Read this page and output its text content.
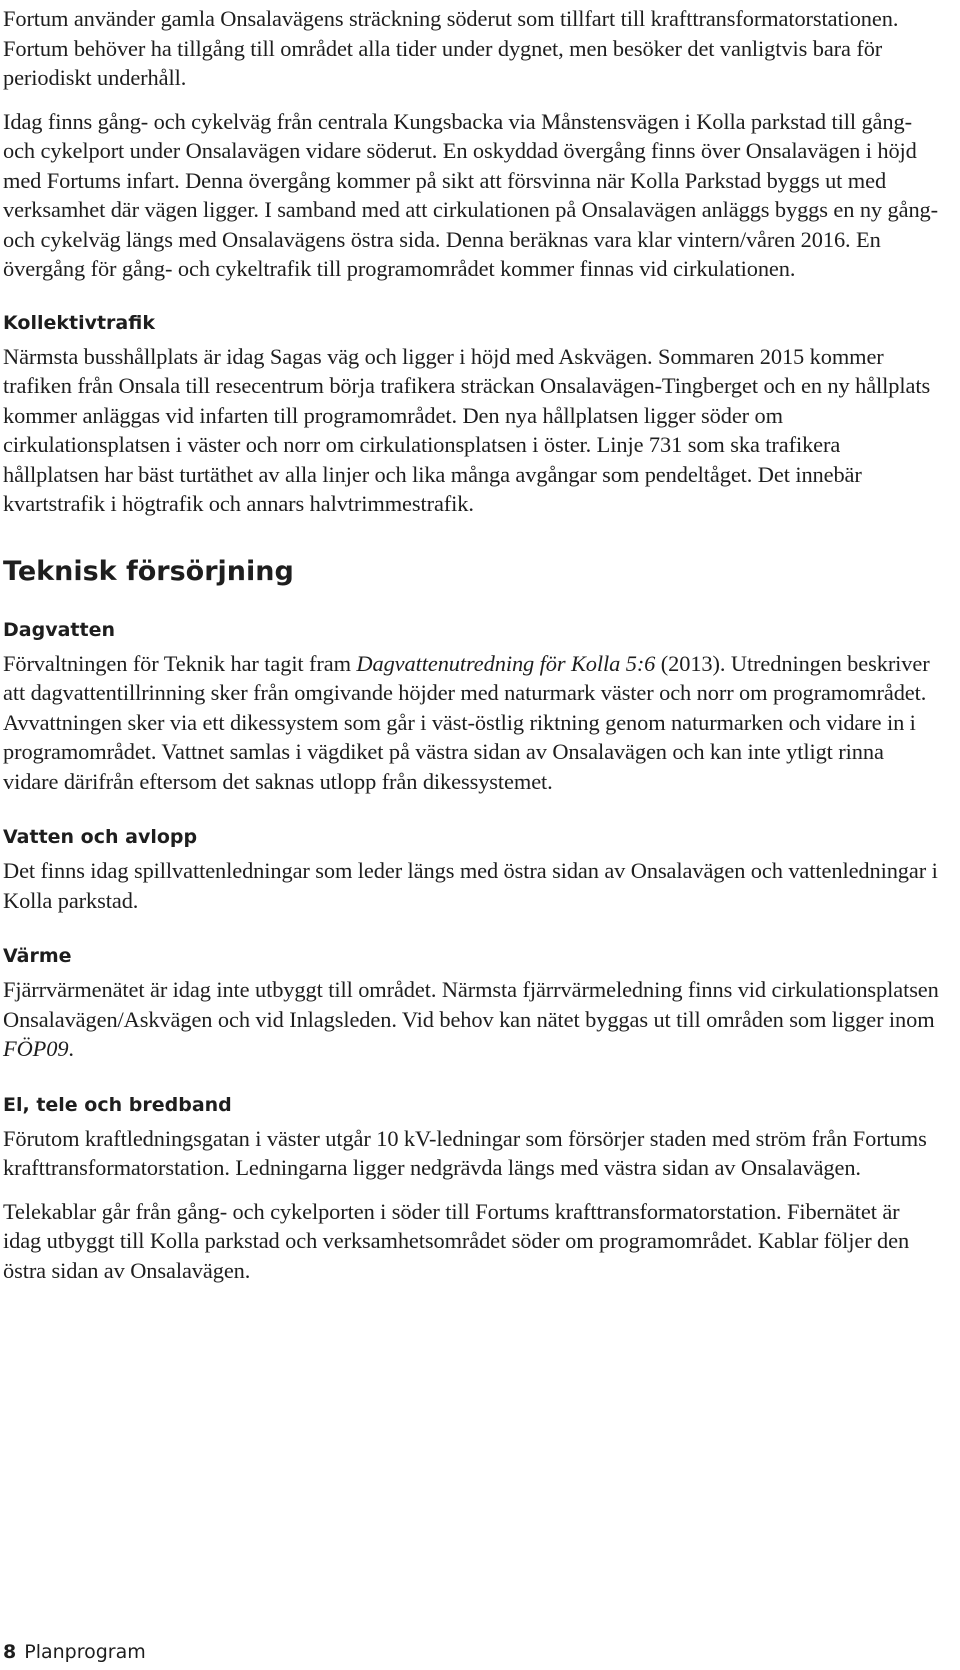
Fortum använder gamla Onsalavägens sträckning söderut som tillfart till krafttransformatorstationen. Fortum behöver ha tillgång till området alla tider under dygnet, men besöker det vanligtvis bara för periodiskt underhåll.

Idag finns gång- och cykelväg från centrala Kungsbacka via Månstensvägen i Kolla parkstad till gång- och cykelport under Onsalavägen vidare söderut. En oskyddad övergång finns över Onsalavägen i höjd med Fortums infart. Denna övergång kommer på sikt att försvinna när Kolla Parkstad byggs ut med verksamhet där vägen ligger. I samband med att cirkulationen på Onsalavägen anläggs byggs en ny gång- och cykelväg längs med Onsalavägens östra sida. Denna beräknas vara klar vintern/våren 2016. En övergång för gång- och cykeltrafik till programområdet kommer finnas vid cirkulationen.

Kollektivtrafik

Närmsta busshållplats är idag Sagas väg och ligger i höjd med Askvägen. Sommaren 2015 kommer trafiken från Onsala till resecentrum börja trafikera sträckan Onsalavägen-Tingberget och en ny hållplats kommer anläggas vid infarten till programområdet. Den nya hållplatsen ligger söder om cirkulationsplatsen i väster och norr om cirkulationsplatsen i öster. Linje 731 som ska trafikera hållplatsen har bäst turtäthet av alla linjer och lika många avgångar som pendeltåget. Det innebär kvartstrafik i högtrafik och annars halvtrimmestrafik.

Teknisk försörjning
Dagvatten

Förvaltningen för Teknik har tagit fram Dagvattenutredning för Kolla 5:6 (2013). Utredningen beskriver att dagvattentillrinning sker från omgivande höjder med naturmark väster och norr om programområdet. Avvattningen sker via ett dikessystem som går i väst-östlig riktning genom naturmarken och vidare in i programområdet. Vattnet samlas i vägdiket på västra sidan av Onsalavägen och kan inte ytligt rinna vidare därifrån eftersom det saknas utlopp från dikessystemet.

Vatten och avlopp

Det finns idag spillvattenledningar som leder längs med östra sidan av Onsalavägen och vattenledningar i Kolla parkstad.

Värme

Fjärrvärmenätet är idag inte utbyggt till området. Närmsta fjärrvärmeledning finns vid cirkulationsplatsen Onsalavägen/Askvägen och vid Inlagsleden. Vid behov kan nätet byggas ut till områden som ligger inom FÖP09.

El, tele och bredband

Förutom kraftledningsgatan i väster utgår 10 kV-ledningar som försörjer staden med ström från Fortums krafttransformatorstation. Ledningarna ligger nedgrävda längs med västra sidan av Onsalavägen.

Telekablar går från gång- och cykelporten i söder till Fortums krafttransformatorstation. Fibernätet är idag utbyggt till Kolla parkstad och verksamhetsområdet söder om programområdet. Kablar följer den östra sidan av Onsalavägen.

8 Planprogram
